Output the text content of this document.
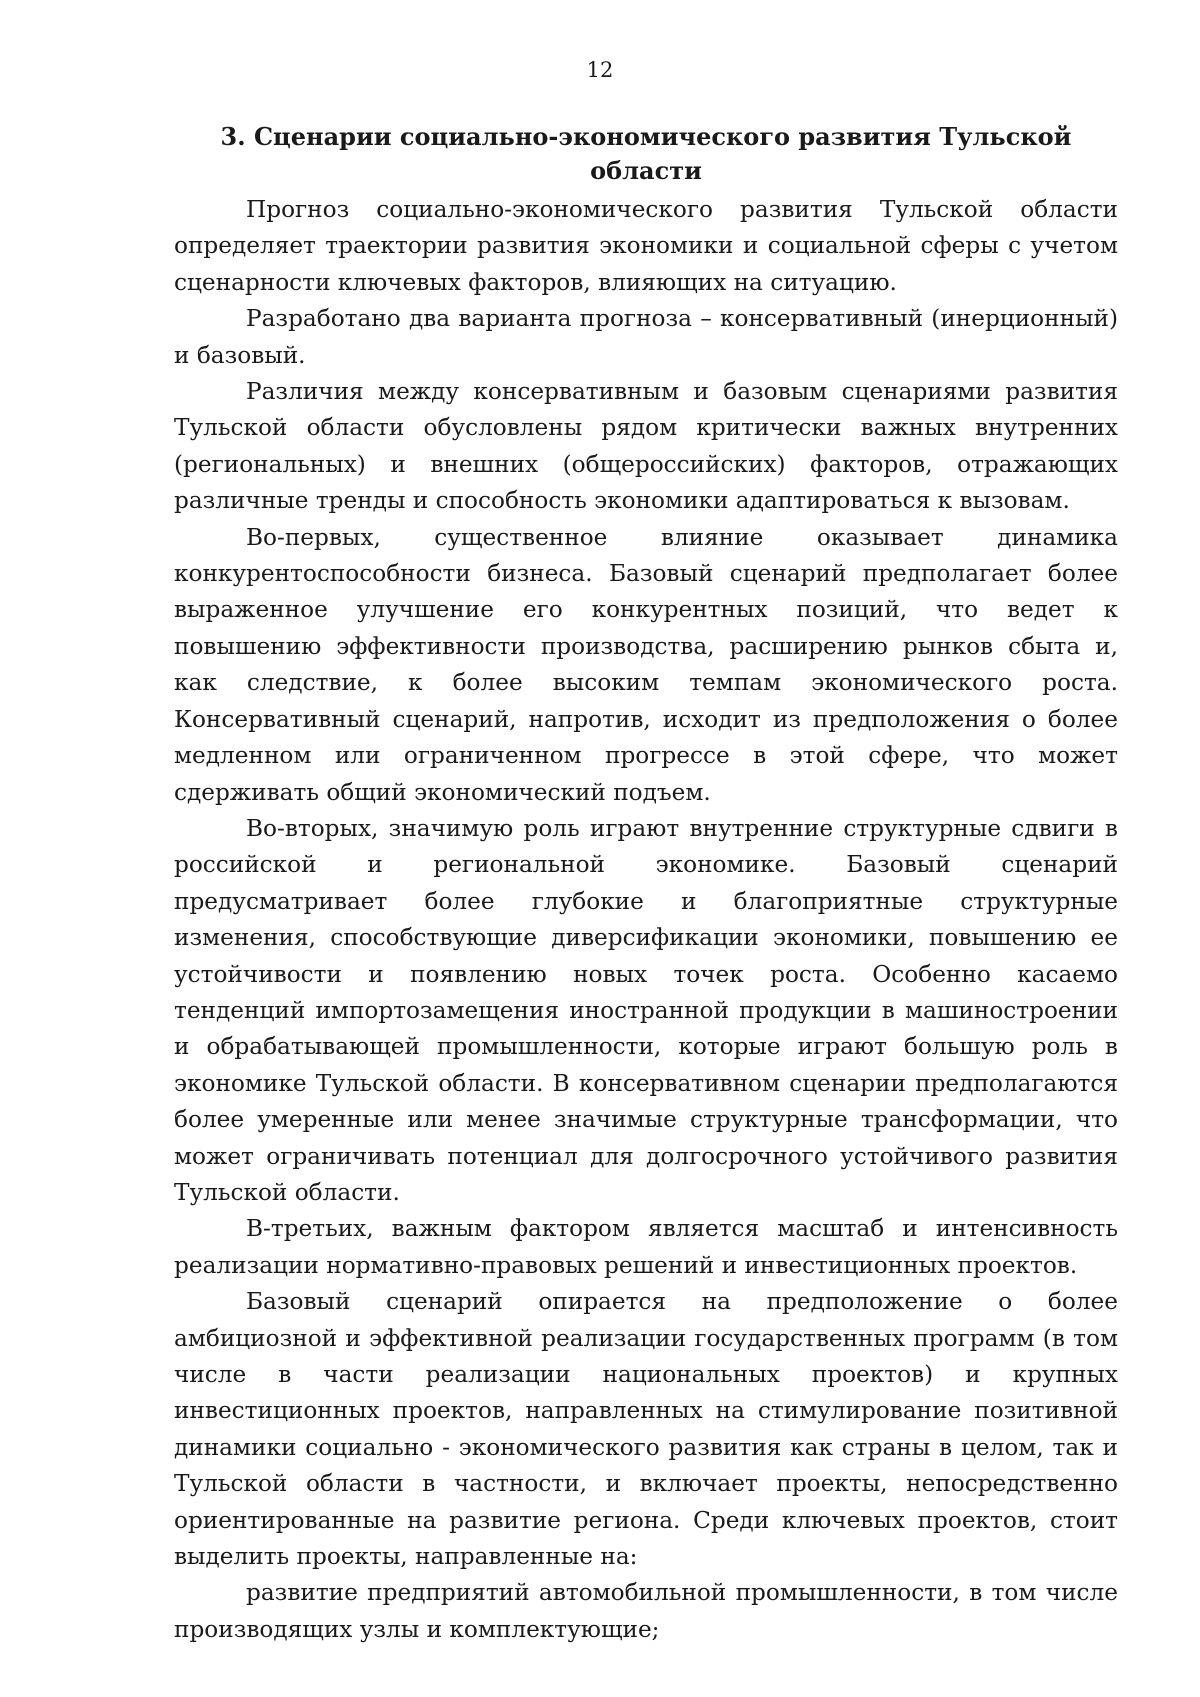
12
3. Сценарии социально-экономического развития Тульской области

Прогноз социально-экономического развития Тульской области определяет траектории развития экономики и социальной сферы с учетом сценарности ключевых факторов, влияющих на ситуацию.

Разработано два варианта прогноза – консервативный (инерционный) и базовый.

Различия между консервативным и базовым сценариями развития Тульской области обусловлены рядом критически важных внутренних (региональных) и внешних (общероссийских) факторов, отражающих различные тренды и способность экономики адаптироваться к вызовам.

Во-первых, существенное влияние оказывает динамика конкурентоспособности бизнеса. Базовый сценарий предполагает более выраженное улучшение его конкурентных позиций, что ведет к повышению эффективности производства, расширению рынков сбыта и, как следствие, к более высоким темпам экономического роста. Консервативный сценарий, напротив, исходит из предположения о более медленном или ограниченном прогрессе в этой сфере, что может сдерживать общий экономический подъем.

Во-вторых, значимую роль играют внутренние структурные сдвиги в российской и региональной экономике. Базовый сценарий предусматривает более глубокие и благоприятные структурные изменения, способствующие диверсификации экономики, повышению ее устойчивости и появлению новых точек роста. Особенно касаемо тенденций импортозамещения иностранной продукции в машиностроении и обрабатывающей промышленности, которые играют большую роль в экономике Тульской области. В консервативном сценарии предполагаются более умеренные или менее значимые структурные трансформации, что может ограничивать потенциал для долгосрочного устойчивого развития Тульской области.

В-третьих, важным фактором является масштаб и интенсивность реализации нормативно-правовых решений и инвестиционных проектов.

Базовый сценарий опирается на предположение о более амбициозной и эффективной реализации государственных программ (в том числе в части реализации национальных проектов) и крупных инвестиционных проектов, направленных на стимулирование позитивной динамики социально - экономического развития как страны в целом, так и Тульской области в частности, и включает проекты, непосредственно ориентированные на развитие региона. Среди ключевых проектов, стоит выделить проекты, направленные на:

развитие предприятий автомобильной промышленности, в том числе производящих узлы и комплектующие;
